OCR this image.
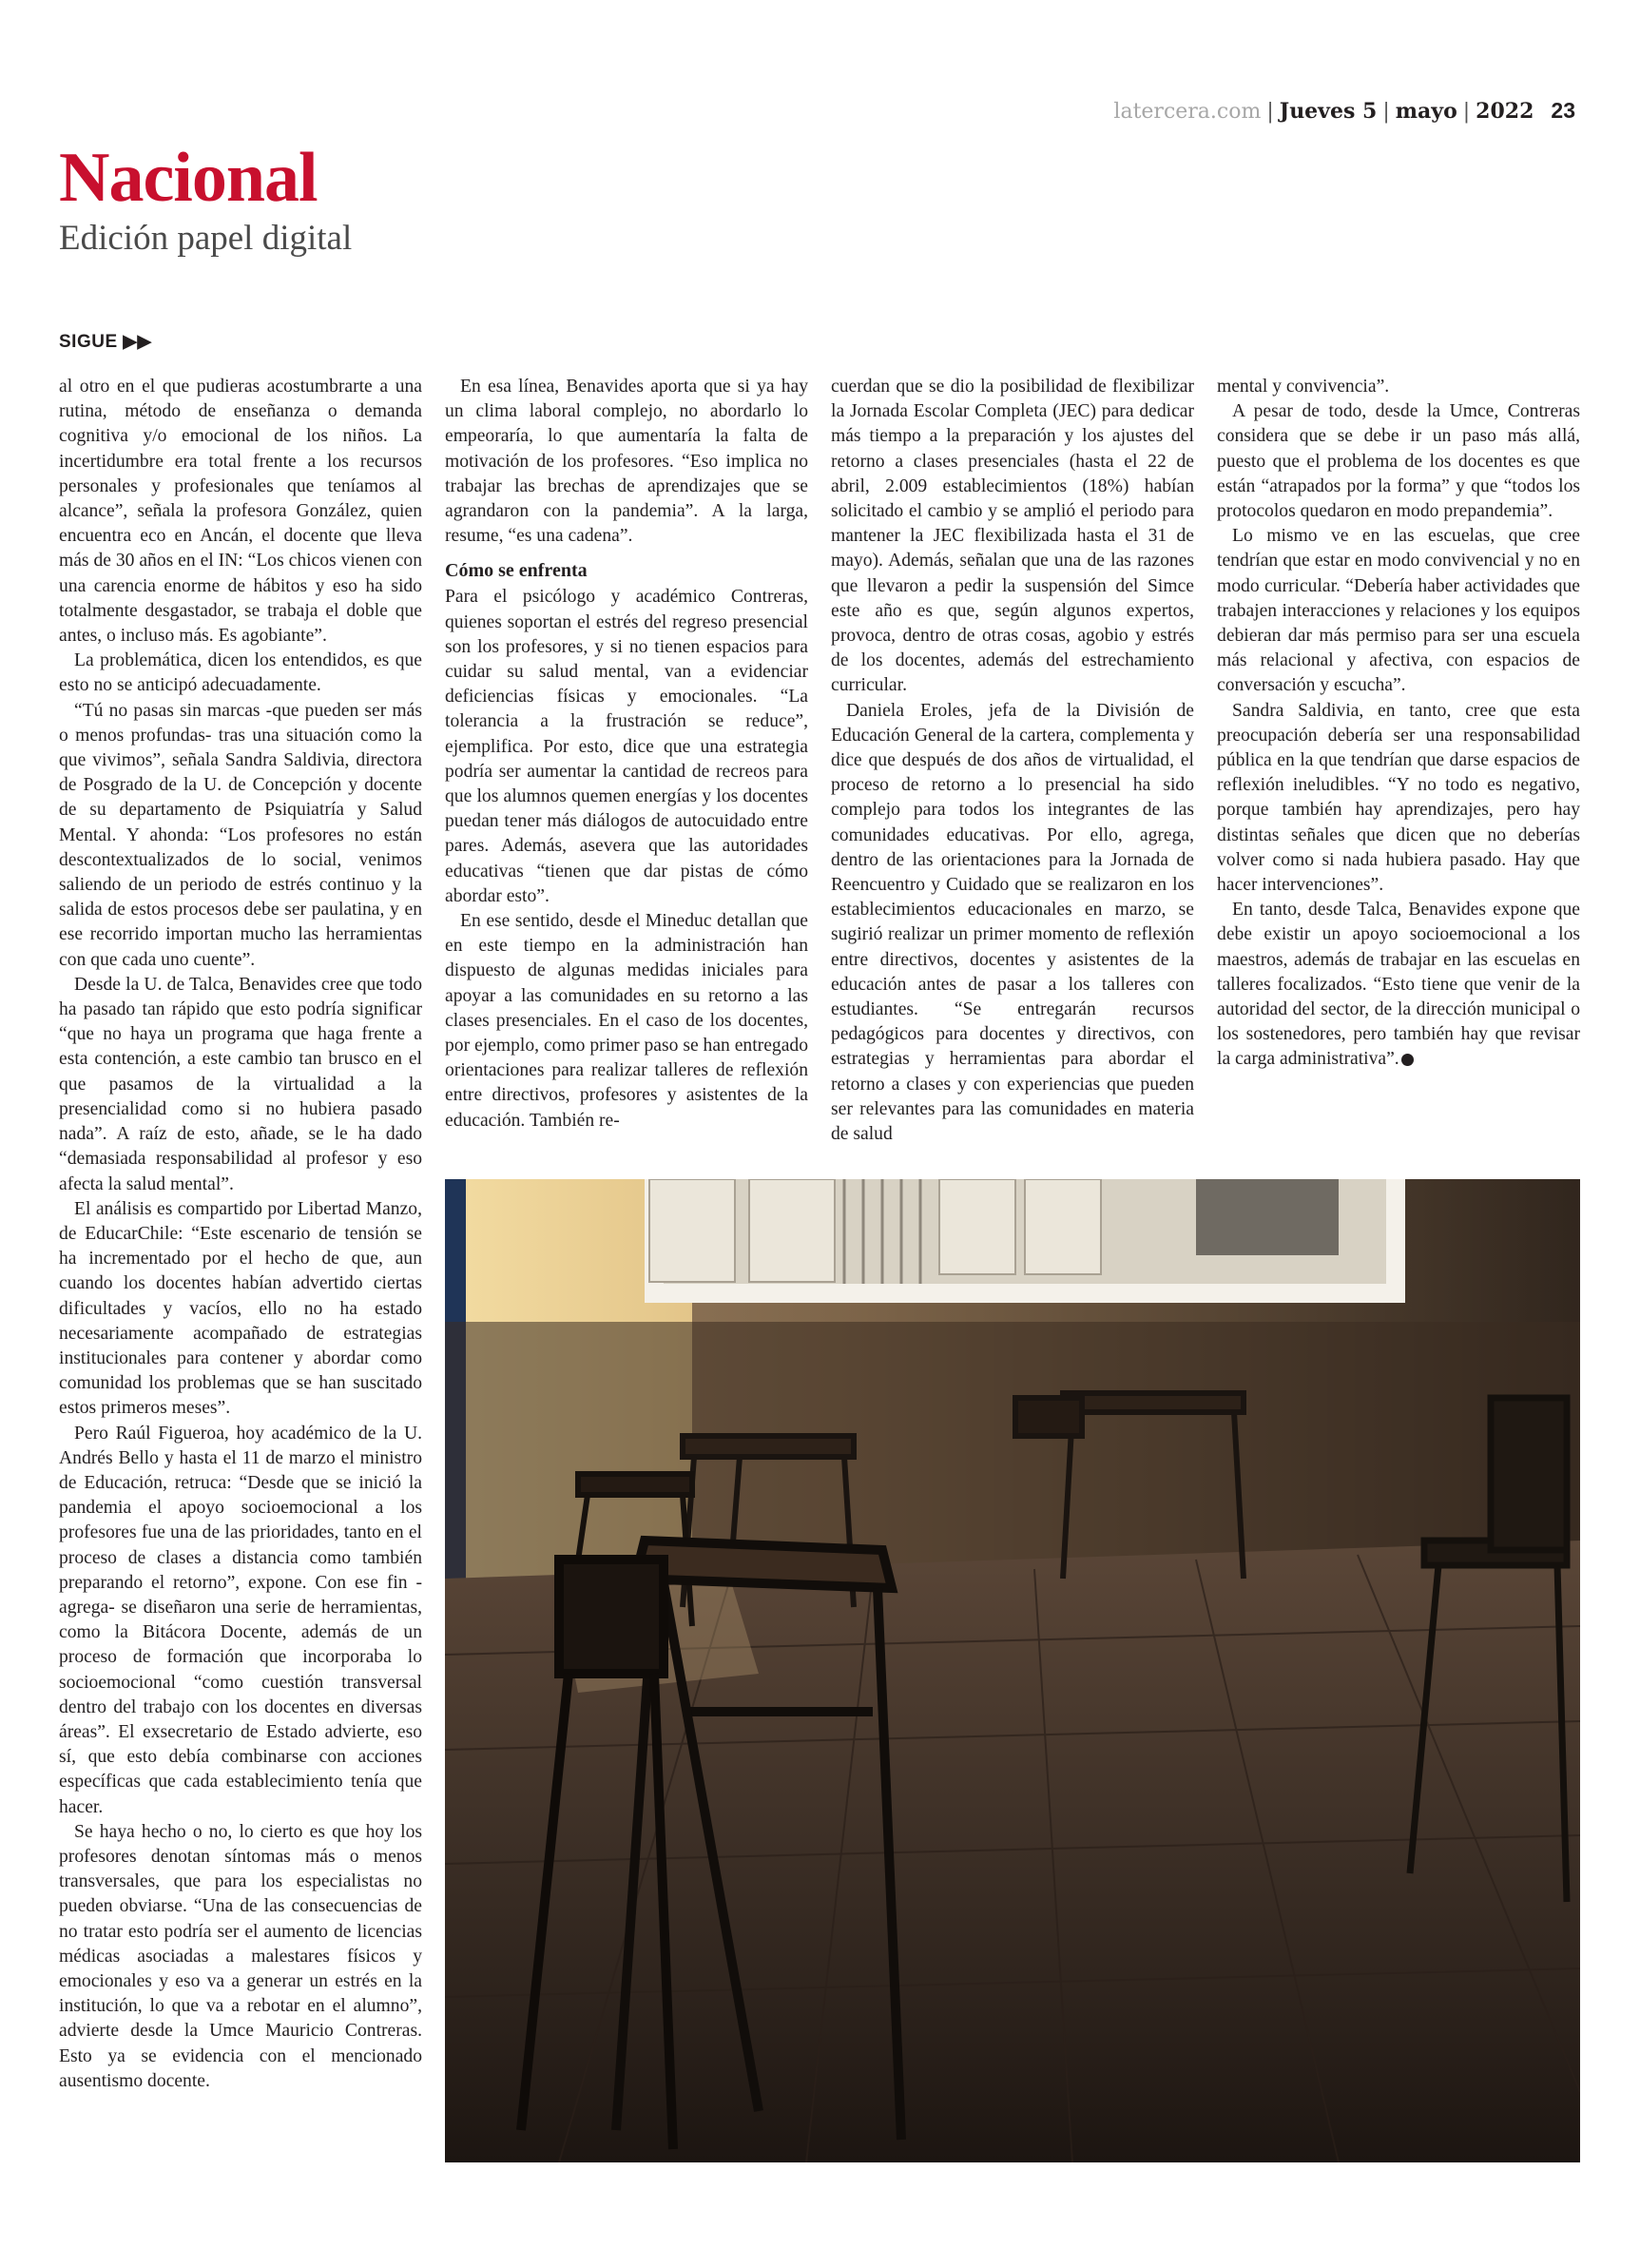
latercera.com | Jueves 5 | mayo | 2022 23
Nacional
Edición papel digital
SIGUE ▶▶

al otro en el que pudieras acostumbrarte a una rutina, método de enseñanza o demanda cognitiva y/o emocional de los niños. La incertidumbre era total frente a los recursos personales y profesionales que teníamos al alcance”, señala la profesora González, quien encuentra eco en Ancán, el docente que lleva más de 30 años en el IN: “Los chicos vienen con una carencia enorme de hábitos y eso ha sido totalmente desgastador, se trabaja el doble que antes, o incluso más. Es agobiante”.

La problemática, dicen los entendidos, es que esto no se anticipó adecuadamente.

“Tú no pasas sin marcas -que pueden ser más o menos profundas- tras una situación como la que vivimos”, señala Sandra Saldivia, directora de Posgrado de la U. de Concepción y docente de su departamento de Psiquiatría y Salud Mental. Y ahonda: “Los profesores no están descontextualizados de lo social, venimos saliendo de un periodo de estrés continuo y la salida de estos procesos debe ser paulatina, y en ese recorrido importan mucho las herramientas con que cada uno cuente”.

Desde la U. de Talca, Benavides cree que todo ha pasado tan rápido que esto podría significar “que no haya un programa que haga frente a esta contención, a este cambio tan brusco en el que pasamos de la virtualidad a la presencialidad como si no hubiera pasado nada”. A raíz de esto, añade, se le ha dado “demasiada responsabilidad al profesor y eso afecta la salud mental”.

El análisis es compartido por Libertad Manzo, de EducarChile: “Este escenario de tensión se ha incrementado por el hecho de que, aun cuando los docentes habían advertido ciertas dificultades y vacíos, ello no ha estado necesariamente acompañado de estrategias institucionales para contener y abordar como comunidad los problemas que se han suscitado estos primeros meses”.

Pero Raúl Figueroa, hoy académico de la U. Andrés Bello y hasta el 11 de marzo el ministro de Educación, retruca: “Desde que se inició la pandemia el apoyo socioemocional a los profesores fue una de las prioridades, tanto en el proceso de clases a distancia como también preparando el retorno”, expone. Con ese fin -agrega- se diseñaron una serie de herramientas, como la Bitácora Docente, además de un proceso de formación que incorporaba lo socioemocional “como cuestión transversal dentro del trabajo con los docentes en diversas áreas”. El exsecretario de Estado advierte, eso sí, que esto debía combinarse con acciones específicas que cada establecimiento tenía que hacer.

Se haya hecho o no, lo cierto es que hoy los profesores denotan síntomas más o menos transversales, que para los especialistas no pueden obviarse. “Una de las consecuencias de no tratar esto podría ser el aumento de licencias médicas asociadas a malestares físicos y emocionales y eso va a generar un estrés en la institución, lo que va a rebotar en el alumno”, advierte desde la Umce Mauricio Contreras. Esto ya se evidencia con el mencionado ausentismo docente.

En esa línea, Benavides aporta que si ya hay un clima laboral complejo, no abordarlo lo empeoraría, lo que aumentaría la falta de motivación de los profesores. “Eso implica no trabajar las brechas de aprendizajes que se agrandaron con la pandemia”. A la larga, resume, “es una cadena”.

Cómo se enfrenta

Para el psicólogo y académico Contreras, quienes soportan el estrés del regreso presencial son los profesores, y si no tienen espacios para cuidar su salud mental, van a evidenciar deficiencias físicas y emocionales. “La tolerancia a la frustración se reduce”, ejemplifica. Por esto, dice que una estrategia podría ser aumentar la cantidad de recreos para que los alumnos quemen energías y los docentes puedan tener más diálogos de autocuidado entre pares. Además, asevera que las autoridades educativas “tienen que dar pistas de cómo abordar esto”.

En ese sentido, desde el Mineduc detallan que en este tiempo en la administración han dispuesto de algunas medidas iniciales para apoyar a las comunidades en su retorno a las clases presenciales. En el caso de los docentes, por ejemplo, como primer paso se han entregado orientaciones para realizar talleres de reflexión entre directivos, profesores y asistentes de la educación. También re-

cuerdan que se dio la posibilidad de flexibilizar la Jornada Escolar Completa (JEC) para dedicar más tiempo a la preparación y los ajustes del retorno a clases presenciales (hasta el 22 de abril, 2.009 establecimientos (18%) habían solicitado el cambio y se amplió el periodo para mantener la JEC flexibilizada hasta el 31 de mayo). Además, señalan que una de las razones que llevaron a pedir la suspensión del Simce este año es que, según algunos expertos, provoca, dentro de otras cosas, agobio y estrés de los docentes, además del estrechamiento curricular.

Daniela Eroles, jefa de la División de Educación General de la cartera, complementa y dice que después de dos años de virtualidad, el proceso de retorno a lo presencial ha sido complejo para todos los integrantes de las comunidades educativas. Por ello, agrega, dentro de las orientaciones para la Jornada de Reencuentro y Cuidado que se realizaron en los establecimientos educacionales en marzo, se sugirió realizar un primer momento de reflexión entre directivos, docentes y asistentes de la educación antes de pasar a los talleres con estudiantes. “Se entregarán recursos pedagógicos para docentes y directivos, con estrategias y herramientas para abordar el retorno a clases y con experiencias que pueden ser relevantes para las comunidades en materia de salud

mental y convivencia”.

A pesar de todo, desde la Umce, Contreras considera que se debe ir un paso más allá, puesto que el problema de los docentes es que están “atrapados por la forma” y que “todos los protocolos quedaron en modo prepandemia”.

Lo mismo ve en las escuelas, que cree tendrían que estar en modo convivencial y no en modo curricular. “Debería haber actividades que trabajen interacciones y relaciones y los equipos debieran dar más permiso para ser una escuela más relacional y afectiva, con espacios de conversación y escucha”.

Sandra Saldivia, en tanto, cree que esta preocupación debería ser una responsabilidad pública en la que tendrían que darse espacios de reflexión ineludibles. “Y no todo es negativo, porque también hay aprendizajes, pero hay distintas señales que dicen que no deberías volver como si nada hubiera pasado. Hay que hacer intervenciones”.

En tanto, desde Talca, Benavides expone que debe existir un apoyo socioemocional a los maestros, además de trabajar en las escuelas en talleres focalizados. “Esto tiene que venir de la autoridad del sector, de la dirección municipal o los sostenedores, pero también hay que revisar la carga administrativa”.
